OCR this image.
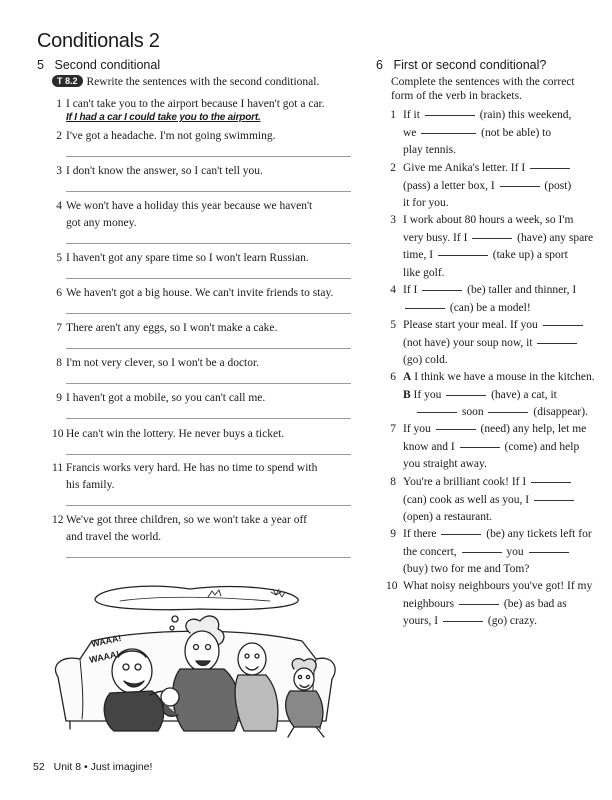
Conditionals 2
5 Second conditional
T 8.2 Rewrite the sentences with the second conditional.
1 I can't take you to the airport because I haven't got a car.
If I had a car I could take you to the airport.
2 I've got a headache. I'm not going swimming.
3 I don't know the answer, so I can't tell you.
4 We won't have a holiday this year because we haven't got any money.
5 I haven't got any spare time so I won't learn Russian.
6 We haven't got a big house. We can't invite friends to stay.
7 There aren't any eggs, so I won't make a cake.
8 I'm not very clever, so I won't be a doctor.
9 I haven't got a mobile, so you can't call me.
10 He can't win the lottery. He never buys a ticket.
11 Francis works very hard. He has no time to spend with his family.
12 We've got three children, so we won't take a year off and travel the world.
6 First or second conditional?
Complete the sentences with the correct form of the verb in brackets.
1 If it	(rain) this weekend,
we	(not be able) to
play tennis.
2 Give me Anika's letter. If I
(pass) a letter box, I	(post)
it for you.
3 I work about 80 hours a week, so I'm
very busy. If I	(have) any spare
time, I	(take up) a sport
like golf.
4 If I	(be) taller and thinner, I
(can) be a model!
5 Please start your meal. If you
(not have) your soup now, it
(go) cold.
6 A I think we have a mouse in the kitchen.
B If you	(have) a cat, it
soon	(disappear).
7 If you	(need) any help, let me
know and I	(come) and help
you straight away.
8 You're a brilliant cook! If I
(can) cook as well as you, I
(open) a restaurant.
9 If there	(be) any tickets left for
the concert,	you
(buy) two for me and Tom?
10 What noisy neighbours you've got! If my
neighbours	(be) as bad as
yours, I	(go) crazy.
WAAA!
WAAA!
52 Unit 8 • Just imagine!
